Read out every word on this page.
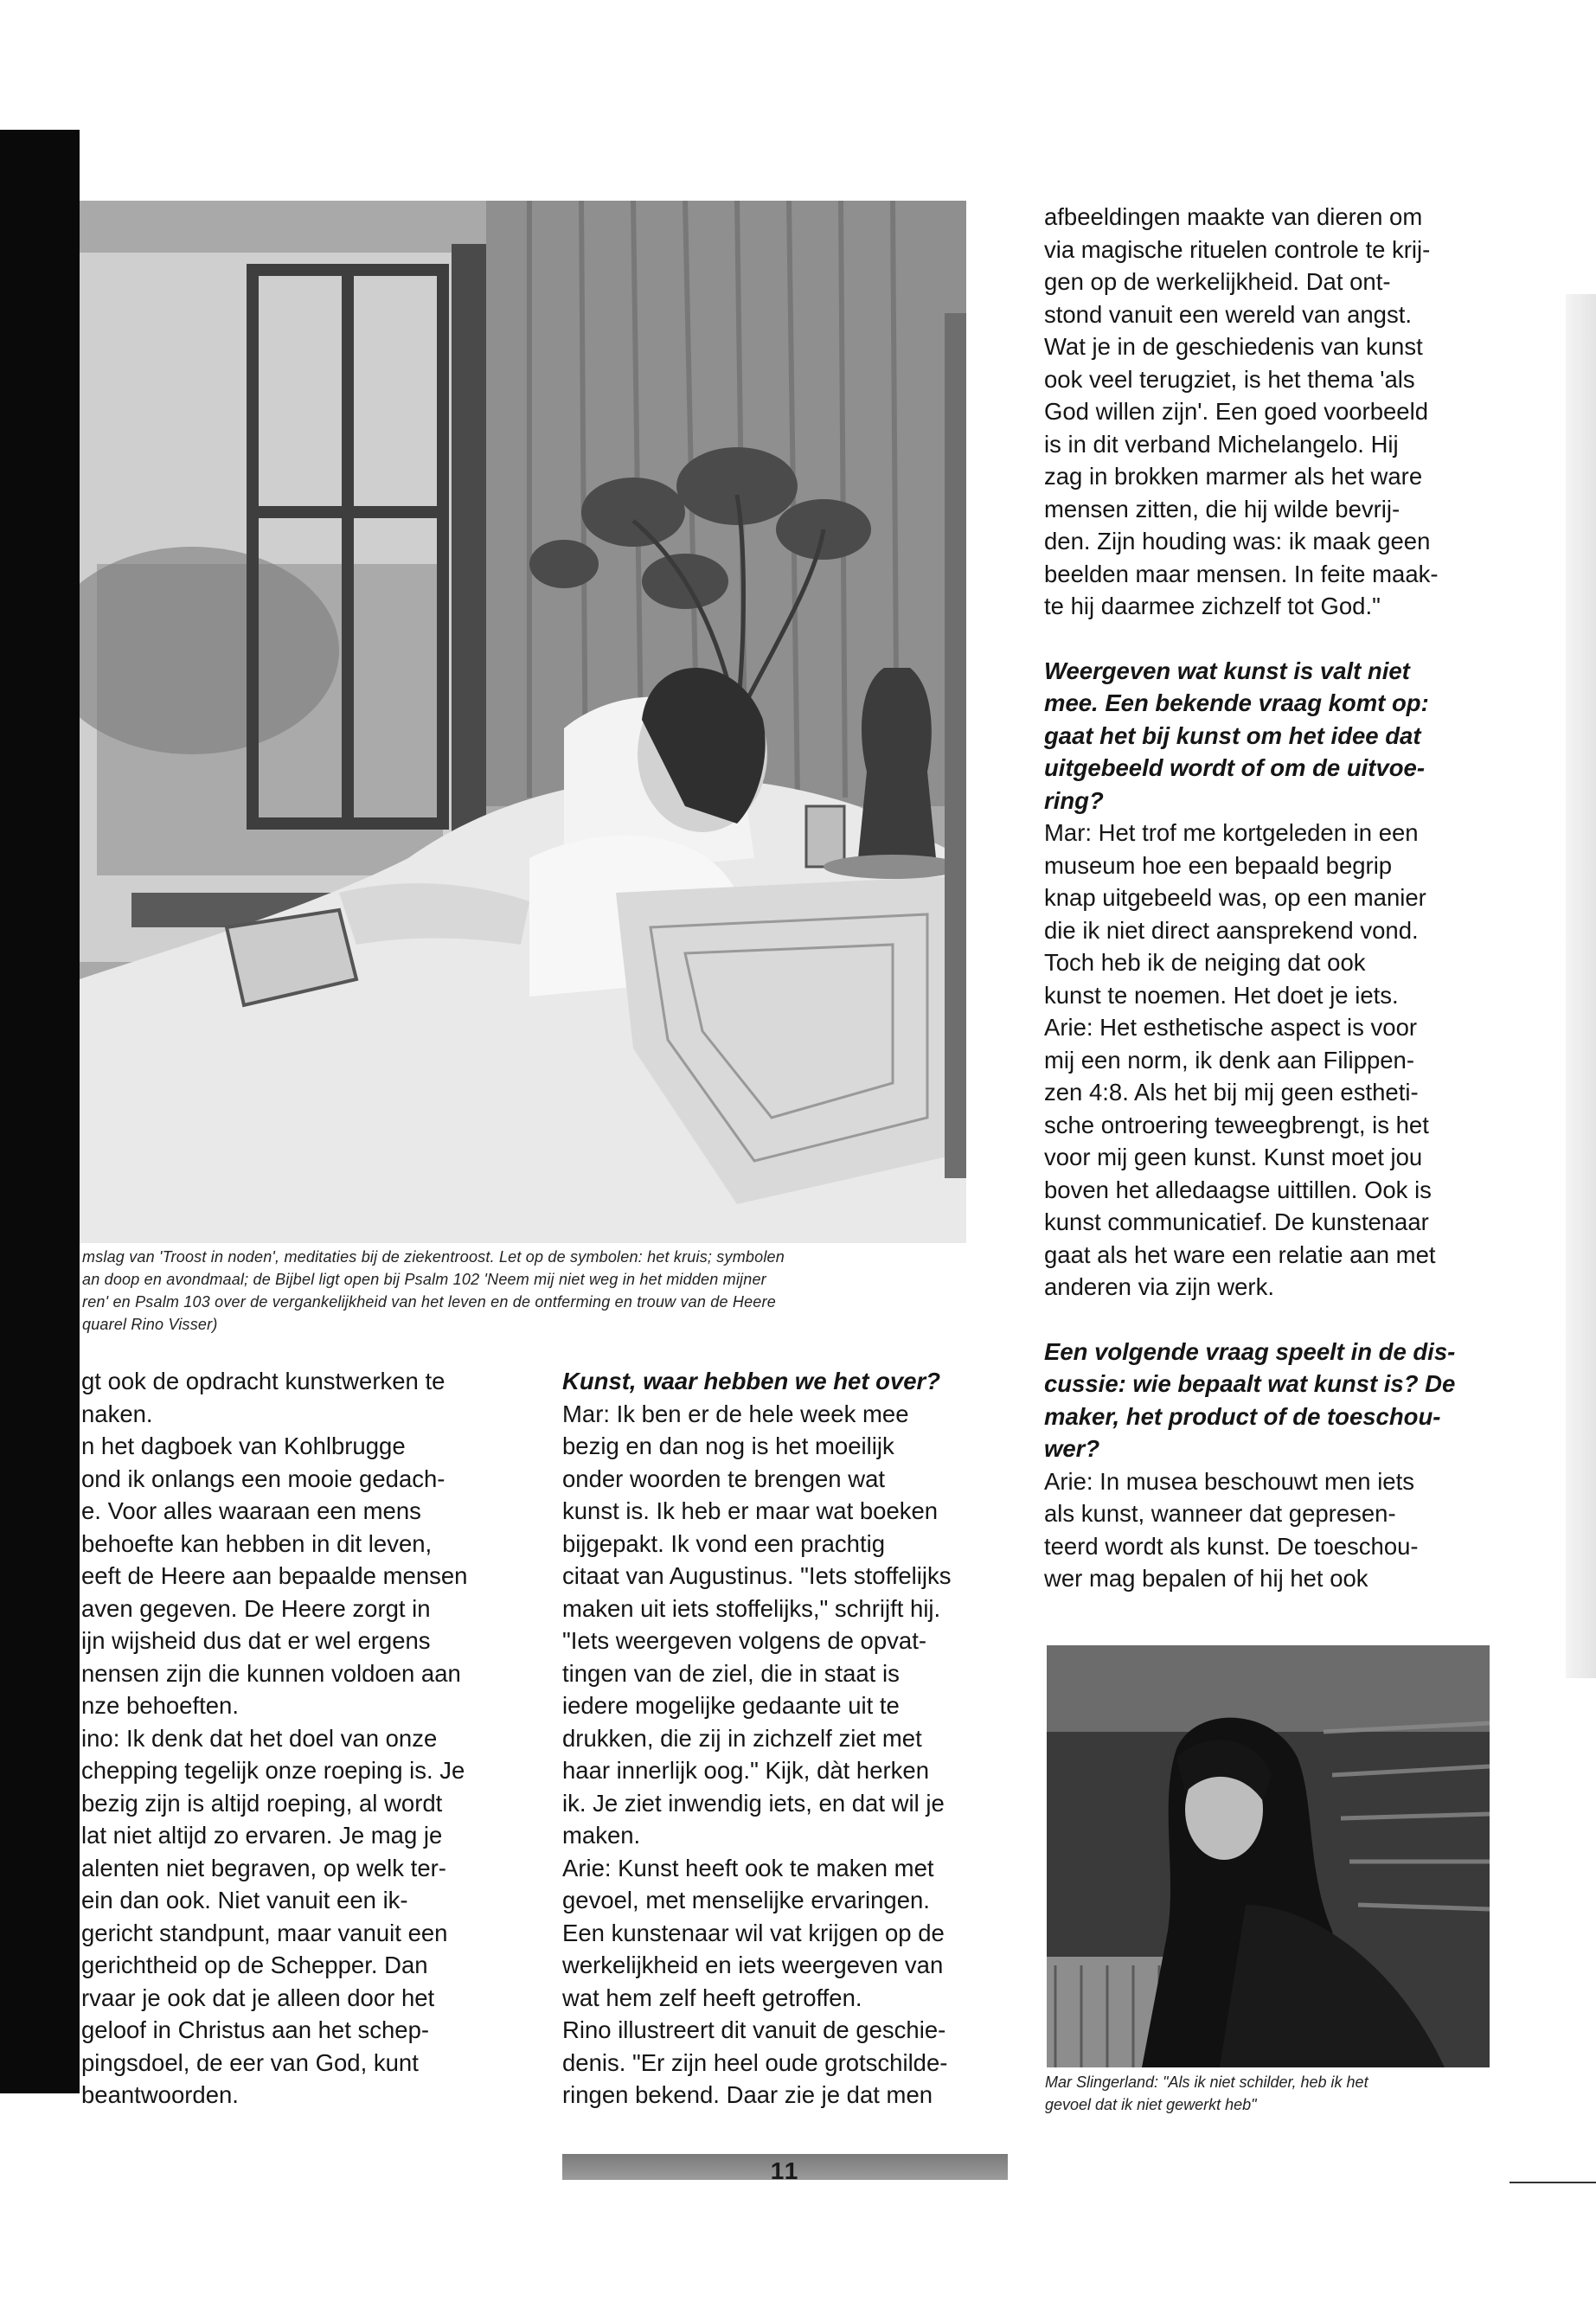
mslag van 'Troost in noden', meditaties bij de ziekentroost. Let op de symbolen: het kruis; symbolen
an doop en avondmaal; de Bijbel ligt open bij Psalm 102 'Neem mij niet weg in het midden mijner
ren' en Psalm 103 over de vergankelijkheid van het leven en de ontferming en trouw van de Heere
quarel Rino Visser)
gt ook de opdracht kunstwerken te
naken.
n het dagboek van Kohlbrugge
ond ik onlangs een mooie gedach-
e. Voor alles waaraan een mens
behoefte kan hebben in dit leven,
eeft de Heere aan bepaalde mensen
aven gegeven. De Heere zorgt in
ijn wijsheid dus dat er wel ergens
nensen zijn die kunnen voldoen aan
nze behoeften.
ino: Ik denk dat het doel van onze
chepping tegelijk onze roeping is. Je
bezig zijn is altijd roeping, al wordt
lat niet altijd zo ervaren. Je mag je
alenten niet begraven, op welk ter-
ein dan ook. Niet vanuit een ik-
gericht standpunt, maar vanuit een
gerichtheid op de Schepper. Dan
rvaar je ook dat je alleen door het
geloof in Christus aan het schep-
pingsdoel, de eer van God, kunt
beantwoorden.
Kunst, waar hebben we het over?
Mar: Ik ben er de hele week mee
bezig en dan nog is het moeilijk
onder woorden te brengen wat
kunst is. Ik heb er maar wat boeken
bijgepakt. Ik vond een prachtig
citaat van Augustinus. "Iets stoffelijks
maken uit iets stoffelijks," schrijft hij.
"Iets weergeven volgens de opvat-
tingen van de ziel, die in staat is
iedere mogelijke gedaante uit te
drukken, die zij in zichzelf ziet met
haar innerlijk oog." Kijk, dàt herken
ik. Je ziet inwendig iets, en dat wil je
maken.
Arie: Kunst heeft ook te maken met
gevoel, met menselijke ervaringen.
Een kunstenaar wil vat krijgen op de
werkelijkheid en iets weergeven van
wat hem zelf heeft getroffen.
Rino illustreert dit vanuit de geschie-
denis. "Er zijn heel oude grotschilde-
ringen bekend. Daar zie je dat men
afbeeldingen maakte van dieren om
via magische rituelen controle te krij-
gen op de werkelijkheid. Dat ont-
stond vanuit een wereld van angst.
Wat je in de geschiedenis van kunst
ook veel terugziet, is het thema 'als
God willen zijn'. Een goed voorbeeld
is in dit verband Michelangelo. Hij
zag in brokken marmer als het ware
mensen zitten, die hij wilde bevrij-
den. Zijn houding was: ik maak geen
beelden maar mensen. In feite maak-
te hij daarmee zichzelf tot God."
Weergeven wat kunst is valt niet
mee. Een bekende vraag komt op:
gaat het bij kunst om het idee dat
uitgebeeld wordt of om de uitvoe-
ring?
Mar: Het trof me kortgeleden in een
museum hoe een bepaald begrip
knap uitgebeeld was, op een manier
die ik niet direct aansprekend vond.
Toch heb ik de neiging dat ook
kunst te noemen. Het doet je iets.
Arie: Het esthetische aspect is voor
mij een norm, ik denk aan Filippen-
zen 4:8. Als het bij mij geen estheti-
sche ontroering teweegbrengt, is het
voor mij geen kunst. Kunst moet jou
boven het alledaagse uittillen. Ook is
kunst communicatief. De kunstenaar
gaat als het ware een relatie aan met
anderen via zijn werk.
Een volgende vraag speelt in de dis-
cussie: wie bepaalt wat kunst is? De
maker, het product of de toeschou-
wer?
Arie: In musea beschouwt men iets
als kunst, wanneer dat gepresen-
teerd wordt als kunst. De toeschou-
wer mag bepalen of hij het ook
Mar Slingerland: "Als ik niet schilder, heb ik het
gevoel dat ik niet gewerkt heb"
11
